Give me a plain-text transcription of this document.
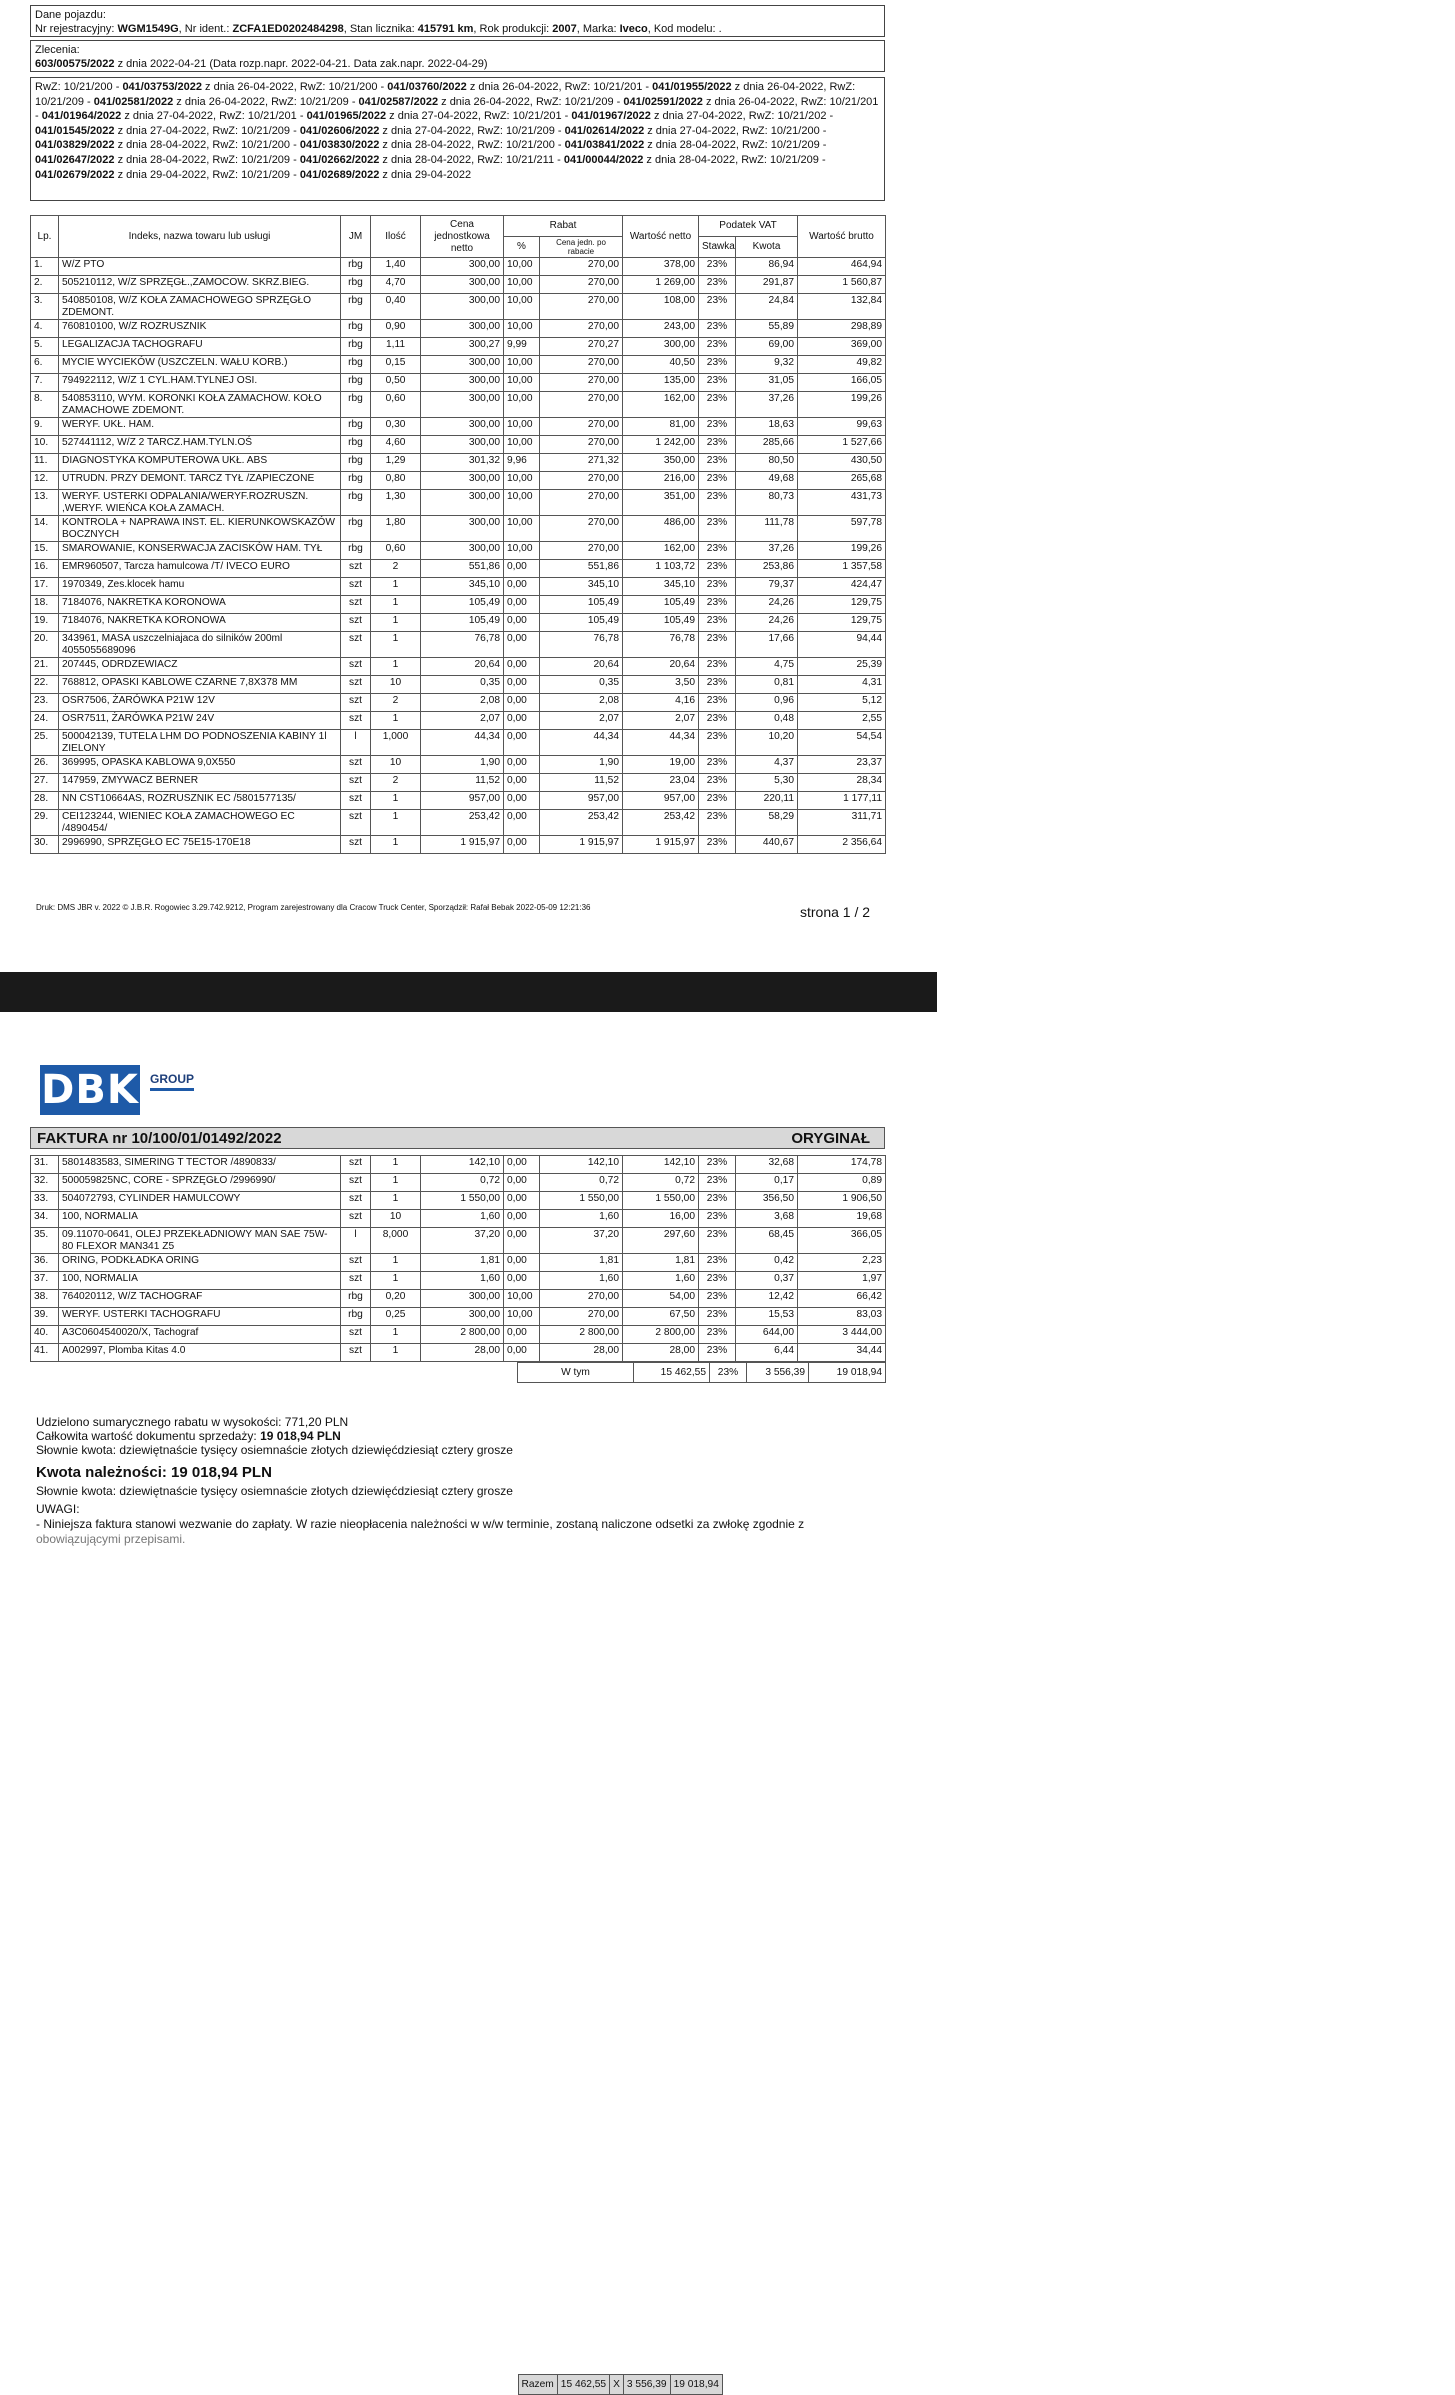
Dane pojazdu:
Nr rejestracyjny: WGM1549G, Nr ident.: ZCFA1ED0202484298, Stan licznika: 415791 km, Rok produkcji: 2007, Marka: Iveco, Kod modelu: .
Zlecenia:
603/00575/2022 z dnia 2022-04-21 (Data rozp.napr. 2022-04-21. Data zak.napr. 2022-04-29)
RwZ: 10/21/200 - 041/03753/2022 z dnia 26-04-2022, RwZ: 10/21/200 - 041/03760/2022 z dnia 26-04-2022, RwZ: 10/21/201 - 041/01955/2022 z dnia 26-04-2022, RwZ: 10/21/209 - 041/02581/2022 z dnia 26-04-2022, RwZ: 10/21/209 - 041/02587/2022 z dnia 26-04-2022, RwZ: 10/21/209 - 041/02591/2022 z dnia 26-04-2022, RwZ: 10/21/201 - 041/01964/2022 z dnia 27-04-2022, RwZ: 10/21/201 - 041/01965/2022 z dnia 27-04-2022, RwZ: 10/21/201 - 041/01967/2022 z dnia 27-04-2022, RwZ: 10/21/202 - 041/01545/2022 z dnia 27-04-2022, RwZ: 10/21/209 - 041/02606/2022 z dnia 27-04-2022, RwZ: 10/21/209 - 041/02614/2022 z dnia 27-04-2022, RwZ: 10/21/200 - 041/03829/2022 z dnia 28-04-2022, RwZ: 10/21/200 - 041/03830/2022 z dnia 28-04-2022, RwZ: 10/21/200 - 041/03841/2022 z dnia 28-04-2022, RwZ: 10/21/209 - 041/02647/2022 z dnia 28-04-2022, RwZ: 10/21/209 - 041/02662/2022 z dnia 28-04-2022, RwZ: 10/21/211 - 041/00044/2022 z dnia 28-04-2022, RwZ: 10/21/209 - 041/02679/2022 z dnia 29-04-2022, RwZ: 10/21/209 - 041/02689/2022 z dnia 29-04-2022
Lp.	Indeks, nazwa towaru lub usługi	JM	Ilość	Cena jednostkowa netto	Rabat		Wartość netto	Podatek VAT		Wartość brutto
					%	Cena jedn. po rabacie		Stawka	Kwota	
1.	W/Z PTO	rbg	1,40	300,00	10,00	270,00	378,00	23%	86,94	464,94
2.	505210112, W/Z SPRZĘGŁ.,ZAMOCOW. SKRZ.BIEG.	rbg	4,70	300,00	10,00	270,00	1 269,00	23%	291,87	1 560,87
3.	540850108, W/Z KOŁA ZAMACHOWEGO SPRZĘGŁO ZDEMONT.	rbg	0,40	300,00	10,00	270,00	108,00	23%	24,84	132,84
4.	760810100, W/Z ROZRUSZNIK	rbg	0,90	300,00	10,00	270,00	243,00	23%	55,89	298,89
5.	LEGALIZACJA TACHOGRAFU	rbg	1,11	300,27	9,99	270,27	300,00	23%	69,00	369,00
6.	MYCIE WYCIEKÓW (USZCZELN. WAŁU KORB.)	rbg	0,15	300,00	10,00	270,00	40,50	23%	9,32	49,82
7.	794922112, W/Z 1 CYL.HAM.TYLNEJ OSI.	rbg	0,50	300,00	10,00	270,00	135,00	23%	31,05	166,05
8.	540853110, WYM. KORONKI KOŁA ZAMACHOW. KOŁO ZAMACHOWE ZDEMONT.	rbg	0,60	300,00	10,00	270,00	162,00	23%	37,26	199,26
9.	WERYF. UKŁ. HAM.	rbg	0,30	300,00	10,00	270,00	81,00	23%	18,63	99,63
10.	527441112, W/Z 2 TARCZ.HAM.TYLN.OŚ	rbg	4,60	300,00	10,00	270,00	1 242,00	23%	285,66	1 527,66
11.	DIAGNOSTYKA KOMPUTEROWA UKŁ. ABS	rbg	1,29	301,32	9,96	271,32	350,00	23%	80,50	430,50
12.	UTRUDN. PRZY DEMONT. TARCZ TYŁ /ZAPIECZONE	rbg	0,80	300,00	10,00	270,00	216,00	23%	49,68	265,68
13.	WERYF. USTERKI ODPALANIA/WERYF.ROZRUSZN. ,WERYF. WIEŃCA KOŁA ZAMACH.	rbg	1,30	300,00	10,00	270,00	351,00	23%	80,73	431,73
14.	KONTROLA + NAPRAWA INST. EL. KIERUNKOWSKAZÓW BOCZNYCH	rbg	1,80	300,00	10,00	270,00	486,00	23%	111,78	597,78
15.	SMAROWANIE, KONSERWACJA ZACISKÓW HAM. TYŁ	rbg	0,60	300,00	10,00	270,00	162,00	23%	37,26	199,26
16.	EMR960507, Tarcza hamulcowa /T/ IVECO EURO	szt	2	551,86	0,00	551,86	1 103,72	23%	253,86	1 357,58
17.	1970349, Zes.klocek hamu	szt	1	345,10	0,00	345,10	345,10	23%	79,37	424,47
18.	7184076, NAKRETKA KORONOWA	szt	1	105,49	0,00	105,49	105,49	23%	24,26	129,75
19.	7184076, NAKRETKA KORONOWA	szt	1	105,49	0,00	105,49	105,49	23%	24,26	129,75
20.	343961, MASA uszczelniajaca do silników 200ml 4055055689096	szt	1	76,78	0,00	76,78	76,78	23%	17,66	94,44
21.	207445, ODRDZEWIACZ	szt	1	20,64	0,00	20,64	20,64	23%	4,75	25,39
22.	768812, OPASKI KABLOWE CZARNE 7,8X378 MM	szt	10	0,35	0,00	0,35	3,50	23%	0,81	4,31
23.	OSR7506, ŻARÓWKA P21W 12V	szt	2	2,08	0,00	2,08	4,16	23%	0,96	5,12
24.	OSR7511, ŻARÓWKA P21W 24V	szt	1	2,07	0,00	2,07	2,07	23%	0,48	2,55
25.	500042139, TUTELA LHM DO PODNOSZENIA KABINY 1l ZIELONY	l	1,000	44,34	0,00	44,34	44,34	23%	10,20	54,54
26.	369995, OPASKA KABLOWA 9,0X550	szt	10	1,90	0,00	1,90	19,00	23%	4,37	23,37
27.	147959, ZMYWACZ BERNER	szt	2	11,52	0,00	11,52	23,04	23%	5,30	28,34
28.	NN CST10664AS, ROZRUSZNIK EC /5801577135/	szt	1	957,00	0,00	957,00	957,00	23%	220,11	1 177,11
29.	CEI123244, WIENIEC KOŁA ZAMACHOWEGO EC /4890454/	szt	1	253,42	0,00	253,42	253,42	23%	58,29	311,71
30.	2996990, SPRZĘGŁO EC 75E15-170E18	szt	1	1 915,97	0,00	1 915,97	1 915,97	23%	440,67	2 356,64
Druk: DMS JBR v. 2022 © J.B.R. Rogowiec 3.29.742.9212, Program zarejestrowany dla Cracow Truck Center, Sporządził: Rafał Bebak 2022-05-09 12:21:36	strona 1 / 2
DBK GROUP
FAKTURA nr 10/100/01/01492/2022	ORYGINAŁ
31.	5801483583, SIMERING T TECTOR /4890833/	szt	1	142,10	0,00	142,10	142,10	23%	32,68	174,78
32.	500059825NC, CORE - SPRZĘGŁO /2996990/	szt	1	0,72	0,00	0,72	0,72	23%	0,17	0,89
33.	504072793, CYLINDER HAMULCOWY	szt	1	1 550,00	0,00	1 550,00	1 550,00	23%	356,50	1 906,50
34.	100, NORMALIA	szt	10	1,60	0,00	1,60	16,00	23%	3,68	19,68
35.	09.11070-0641, OLEJ PRZEKŁADNIOWY MAN SAE 75W-80 FLEXOR MAN341 Z5	l	8,000	37,20	0,00	37,20	297,60	23%	68,45	366,05
36.	ORING, PODKŁADKA ORING	szt	1	1,81	0,00	1,81	1,81	23%	0,42	2,23
37.	100, NORMALIA	szt	1	1,60	0,00	1,60	1,60	23%	0,37	1,97
38.	764020112, W/Z TACHOGRAF	rbg	0,20	300,00	10,00	270,00	54,00	23%	12,42	66,42
39.	WERYF. USTERKI TACHOGRAFU	rbg	0,25	300,00	10,00	270,00	67,50	23%	15,53	83,03
40.	A3C0604540020/X, Tachograf	szt	1	2 800,00	0,00	2 800,00	2 800,00	23%	644,00	3 444,00
41.	A002997, Plomba Kitas 4.0	szt	1	28,00	0,00	28,00	28,00	23%	6,44	34,44
Razem	15 462,55	X	3 556,39	19 018,94
W tym	15 462,55	23%	3 556,39	19 018,94
Udzielono sumarycznego rabatu w wysokości: 771,20 PLN
Całkowita wartość dokumentu sprzedaży: 19 018,94 PLN
Słownie kwota: dziewiętnaście tysięcy osiemnaście złotych dziewięćdziesiąt cztery grosze
Kwota należności: 19 018,94 PLN
Słownie kwota: dziewiętnaście tysięcy osiemnaście złotych dziewięćdziesiąt cztery grosze
UWAGI:
- Niniejsza faktura stanowi wezwanie do zapłaty. W razie nieopłacenia należności w w/w terminie, zostaną naliczone odsetki za zwłokę zgodnie z
obowiązującymi przepisami.
